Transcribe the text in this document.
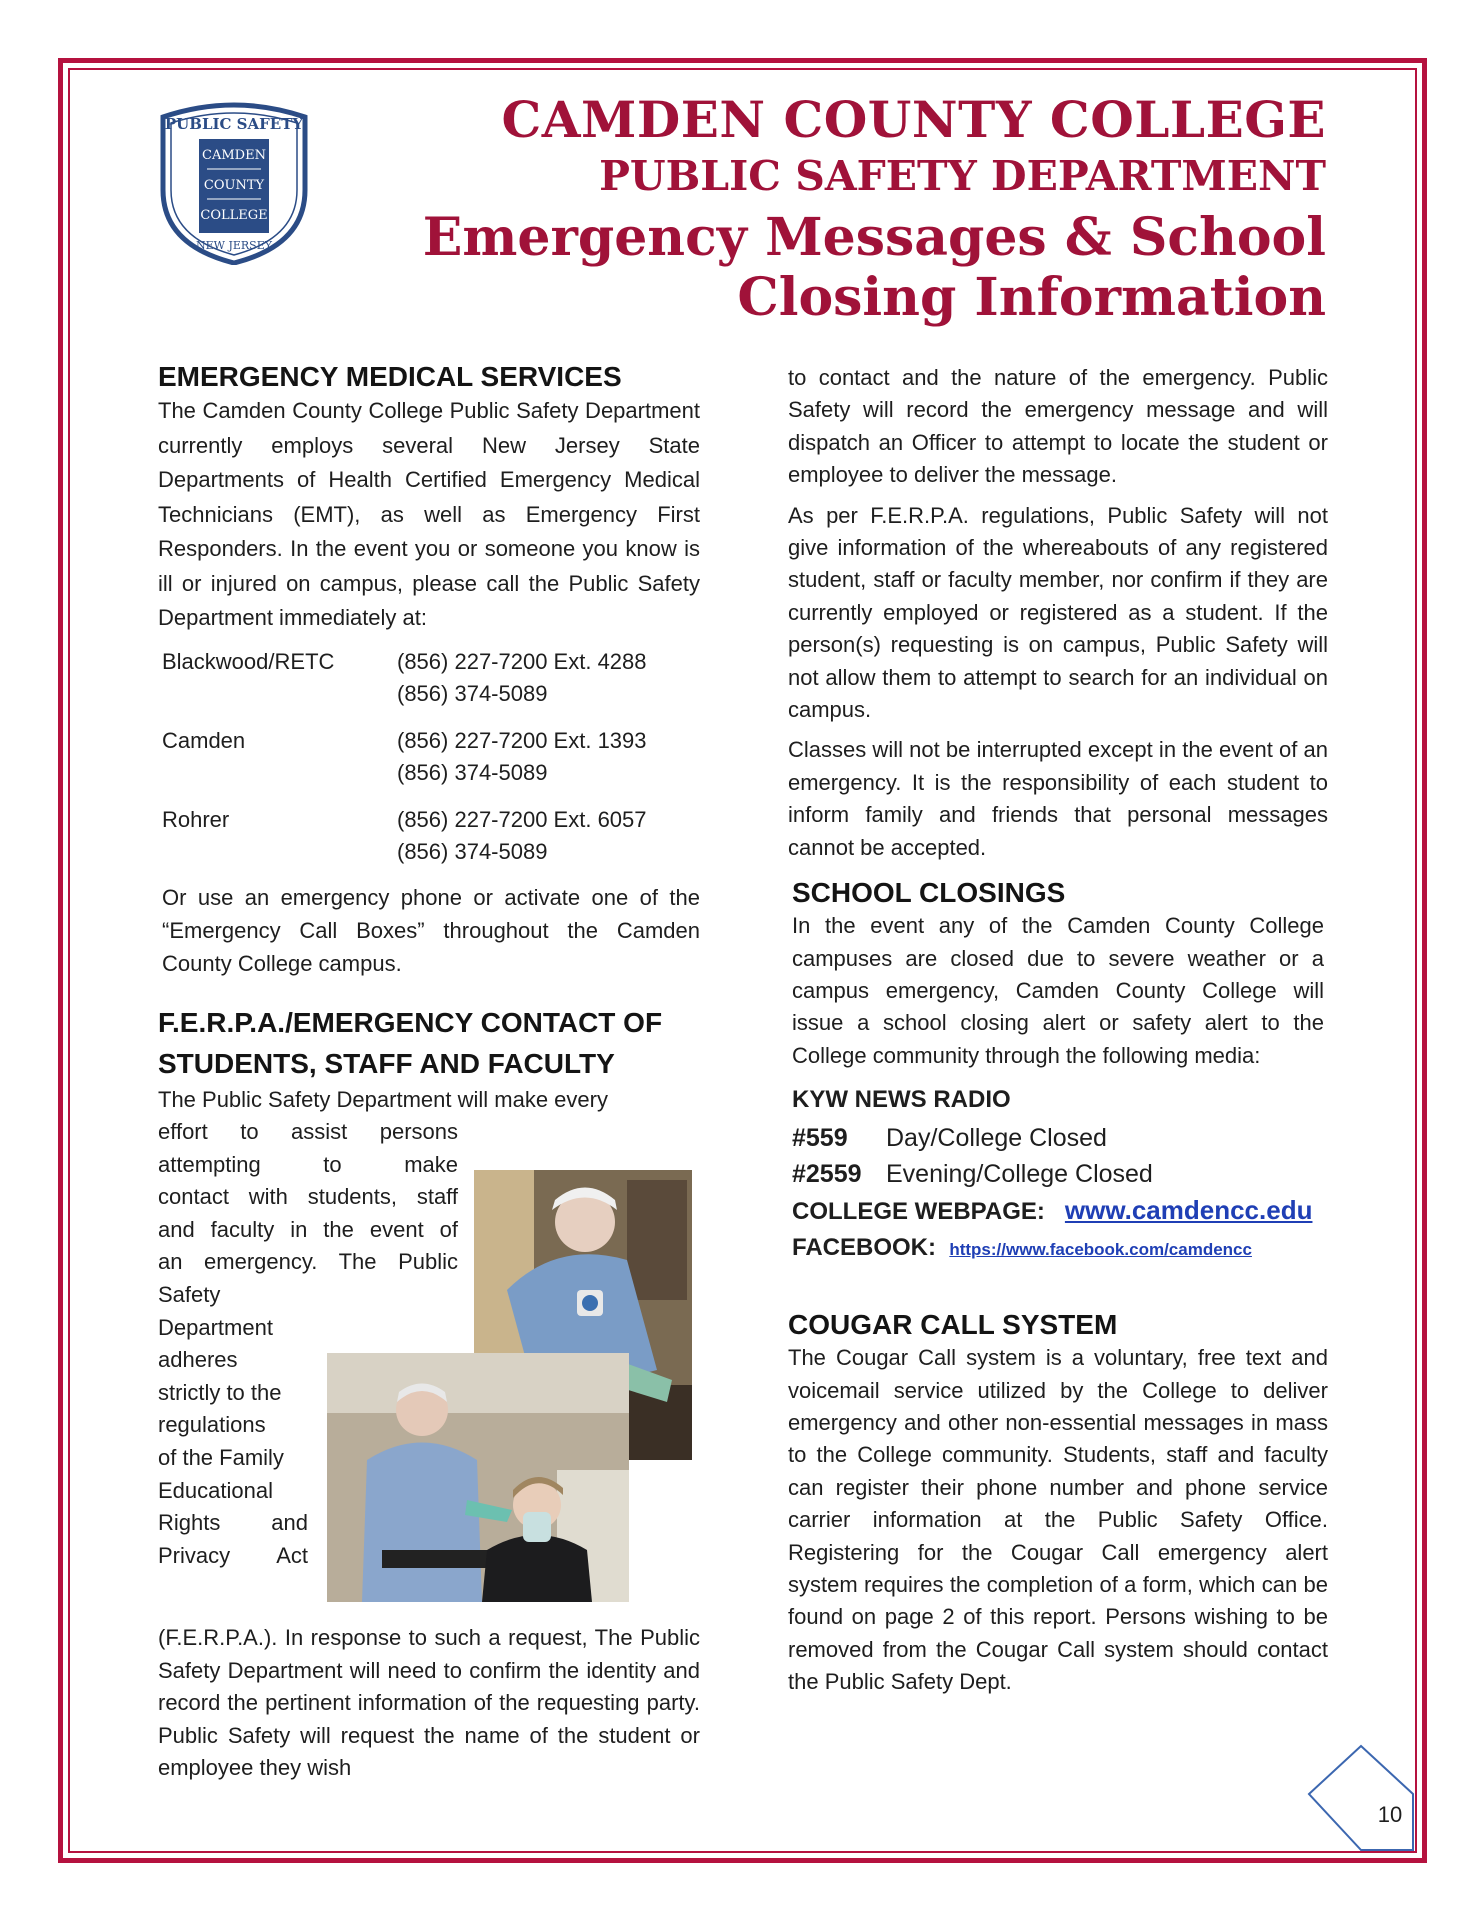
PUBLIC SAFETY
CAMDEN
COUNTY
COLLEGE
NEW JERSEY
CAMDEN COUNTY COLLEGE
PUBLIC SAFETY DEPARTMENT
Emergency Messages & School
Closing Information
EMERGENCY MEDICAL SERVICES

The Camden County College Public Safety Department currently employs several New Jersey State Departments of Health Certified Emergency Medical Technicians (EMT), as well as Emergency First Responders. In the event you or someone you know is ill or injured on campus, please call the Public Safety Department immediately at:

Blackwood/RETC	(856) 227-7200 Ext. 4288
(856) 374-5089
Camden	(856) 227-7200 Ext. 1393
(856) 374-5089
Rohrer	(856) 227-7200 Ext. 6057
(856) 374-5089

Or use an emergency phone or activate one of the “Emergency Call Boxes” throughout the Camden County College campus.

F.E.R.P.A./EMERGENCY CONTACT OF
STUDENTS, STAFF AND FACULTY

The Public Safety Department will make every

effort to assist persons

attempting to make

contact with students, staff

and faculty in the event of

an emergency. The Public

Safety

Department

adheres

strictly to the

regulations

of the Family

Educational

Rights and

Privacy Act

(F.E.R.P.A.). In response to such a request, The Public Safety Department will need to confirm the identity and record the pertinent information of the requesting party. Public Safety will request the name of the student or employee they wish

to contact and the nature of the emergency. Public Safety will record the emergency message and will dispatch an Officer to attempt to locate the student or employee to deliver the message.

As per F.E.R.P.A. regulations, Public Safety will not give information of the whereabouts of any registered student, staff or faculty member, nor confirm if they are currently employed or registered as a student. If the person(s) requesting is on campus, Public Safety will not allow them to attempt to search for an individual on campus.

Classes will not be interrupted except in the event of an emergency. It is the responsibility of each student to inform family and friends that personal messages cannot be accepted.

SCHOOL CLOSINGS

In the event any of the Camden County College campuses are closed due to severe weather or a campus emergency, Camden County College will issue a school closing alert or safety alert to the College community through the following media:

KYW NEWS RADIO
#559 Day/College Closed
#2559 Evening/College Closed
COLLEGE WEBPAGE: www.camdencc.edu
FACEBOOK: https://www.facebook.com/camdencc
COUGAR CALL SYSTEM

The Cougar Call system is a voluntary, free text and voicemail service utilized by the College to deliver emergency and other non-essential messages in mass to the College community. Students, staff and faculty can register their phone number and phone service carrier information at the Public Safety Office. Registering for the Cougar Call emergency alert system requires the completion of a form, which can be found on page 2 of this report. Persons wishing to be removed from the Cougar Call system should contact the Public Safety Dept.

10
